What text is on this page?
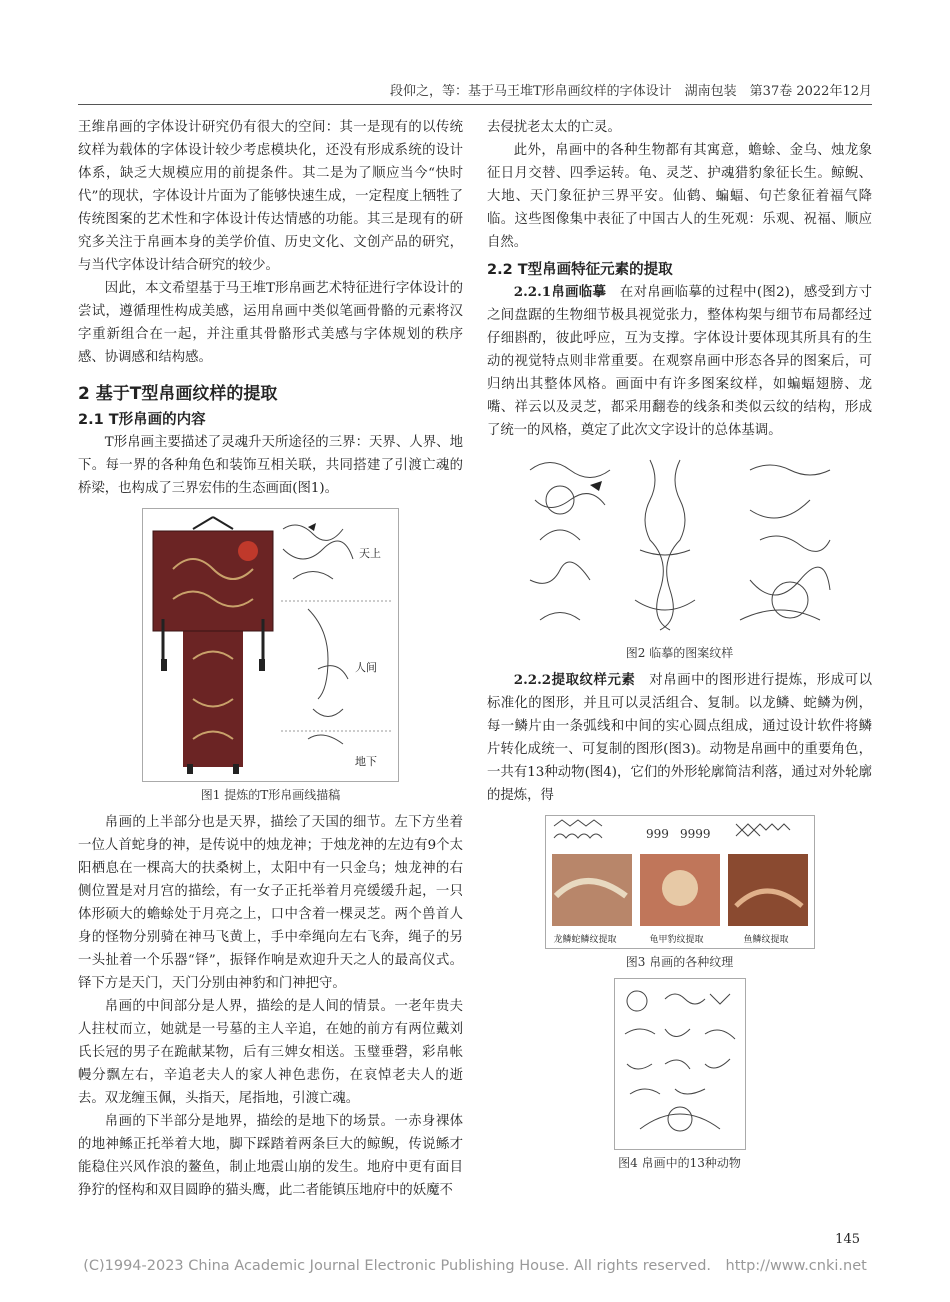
段仰之，等：基于马王堆T形帛画纹样的字体设计　湖南包装　第37卷 2022年12月

王维帛画的字体设计研究仍有很大的空间：其一是现有的以传统纹样为载体的字体设计较少考虑模块化，还没有形成系统的设计体系，缺乏大规模应用的前提条件。其二是为了顺应当今“快时代”的现状，字体设计片面为了能够快速生成，一定程度上牺牲了传统图案的艺术性和字体设计传达情感的功能。其三是现有的研究多关注于帛画本身的美学价值、历史文化、文创产品的研究，与当代字体设计结合研究的较少。

因此，本文希望基于马王堆T形帛画艺术特征进行字体设计的尝试，遵循理性构成美感，运用帛画中类似笔画骨骼的元素将汉字重新组合在一起，并注重其骨骼形式美感与字体规划的秩序感、协调感和结构感。

2 基于T型帛画纹样的提取
2.1 T形帛画的内容

T形帛画主要描述了灵魂升天所途径的三界：天界、人界、地下。每一界的各种角色和装饰互相关联，共同搭建了引渡亡魂的桥梁，也构成了三界宏伟的生态画面(图1)。

天上
人间
地下
图1 提炼的T形帛画线描稿

帛画的上半部分也是天界，描绘了天国的细节。左下方坐着一位人首蛇身的神，是传说中的烛龙神；于烛龙神的左边有9个太阳栖息在一棵高大的扶桑树上，太阳中有一只金乌；烛龙神的右侧位置是对月宫的描绘，有一女子正托举着月亮缓缓升起，一只体形硕大的蟾蜍处于月亮之上，口中含着一棵灵芝。两个兽首人身的怪物分别骑在神马飞黄上，手中牵绳向左右飞奔，绳子的另一头扯着一个乐器“铎”，振铎作响是欢迎升天之人的最高仪式。铎下方是天门，天门分别由神豹和门神把守。

帛画的中间部分是人界，描绘的是人间的情景。一老年贵夫人拄杖而立，她就是一号墓的主人辛追，在她的前方有两位戴刘氏长冠的男子在跪献某物，后有三婢女相送。玉璧垂磬，彩帛帐幔分飘左右，辛追老夫人的家人神色悲伤，在哀悼老夫人的逝去。双龙缠玉佩，头指天，尾指地，引渡亡魂。

帛画的下半部分是地界，描绘的是地下的场景。一赤身裸体的地神鲧正托举着大地，脚下踩踏着两条巨大的鲸鲵，传说鲧才能稳住兴风作浪的鳌鱼，制止地震山崩的发生。地府中更有面目狰狞的怪构和双目圆睁的猫头鹰，此二者能镇压地府中的妖魔不

去侵扰老太太的亡灵。

此外，帛画中的各种生物都有其寓意，蟾蜍、金乌、烛龙象征日月交替、四季运转。龟、灵芝、护魂猎豹象征长生。鲸鲵、大地、天门象征护三界平安。仙鹤、蝙蝠、句芒象征着福气降临。这些图像集中表征了中国古人的生死观：乐观、祝福、顺应自然。

2.2 T型帛画特征元素的提取

2.2.1帛画临摹　在对帛画临摹的过程中(图2)，感受到方寸之间盘踞的生物细节极具视觉张力，整体构架与细节布局都经过仔细斟酌，彼此呼应，互为支撑。字体设计要体现其所具有的生动的视觉特点则非常重要。在观察帛画中形态各异的图案后，可归纳出其整体风格。画面中有许多图案纹样，如蝙蝠翅膀、龙嘴、祥云以及灵芝，都采用翻卷的线条和类似云纹的结构，形成了统一的风格，奠定了此次文字设计的总体基调。

图2 临摹的图案纹样

2.2.2提取纹样元素　对帛画中的图形进行提炼，形成可以标准化的图形，并且可以灵活组合、复制。以龙鳞、蛇鳞为例，每一鳞片由一条弧线和中间的实心圆点组成，通过设计软件将鳞片转化成统一、可复制的图形(图3)。动物是帛画中的重要角色，一共有13种动物(图4)，它们的外形轮廓简洁利落，通过对外轮廓的提炼，得

999 9999
龙鳞蛇鳞纹提取	龟甲豹纹提取	鱼鳞纹提取
图3 帛画的各种纹理
图4 帛画中的13种动物
145
(C)1994-2023 China Academic Journal Electronic Publishing House. All rights reserved.　http://www.cnki.net
